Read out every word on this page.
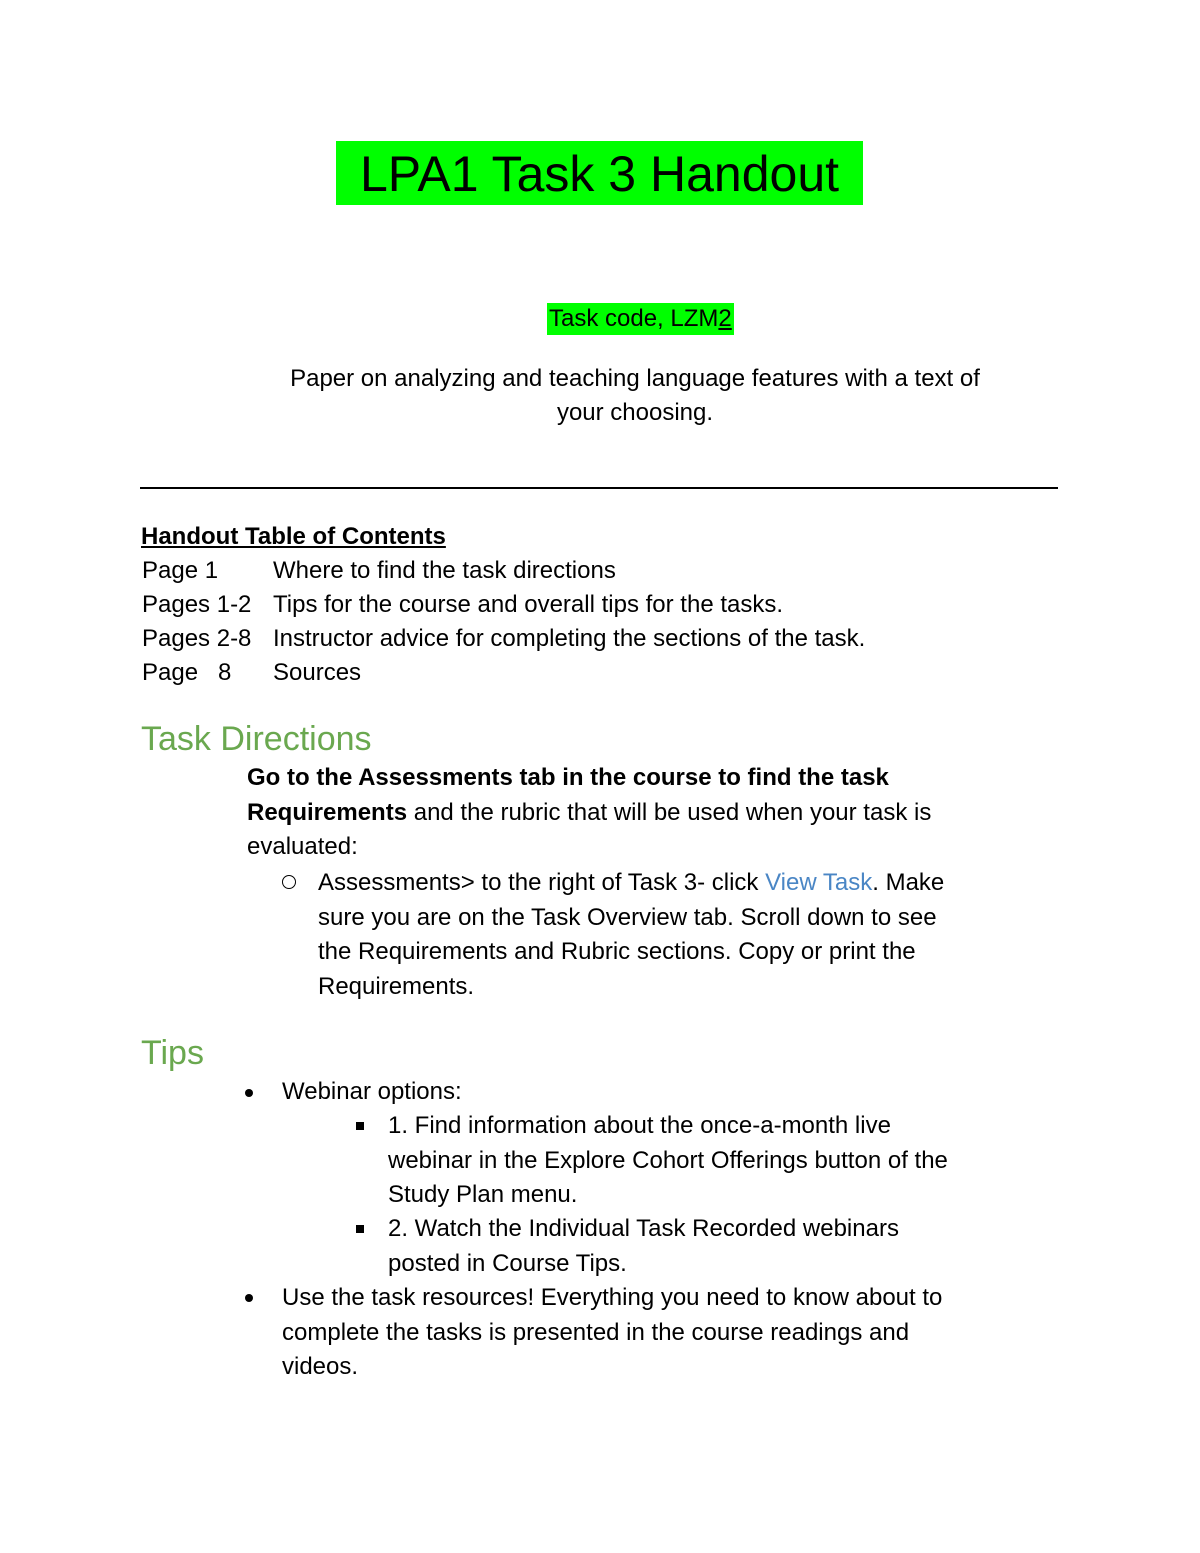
LPA1 Task 3 Handout
Task code, LZM2
Paper on analyzing and teaching language features with a text of
your choosing.
Handout Table of Contents
Page 1 Where to find the task directions
Pages 1-2 Tips for the course and overall tips for the tasks.
Pages 2-8 Instructor advice for completing the sections of the task.
Page   8 Sources
Task Directions
Go to the Assessments tab in the course to find the task
Requirements and the rubric that will be used when your task is
evaluated:
Assessments> to the right of Task 3- click View Task. Make
sure you are on the Task Overview tab. Scroll down to see
the Requirements and Rubric sections. Copy or print the
Requirements.
Tips
Webinar options:
1. Find information about the once-a-month live
webinar in the Explore Cohort Offerings button of the
Study Plan menu.
2. Watch the Individual Task Recorded webinars
posted in Course Tips.
Use the task resources! Everything you need to know about to
complete the tasks is presented in the course readings and
videos.
